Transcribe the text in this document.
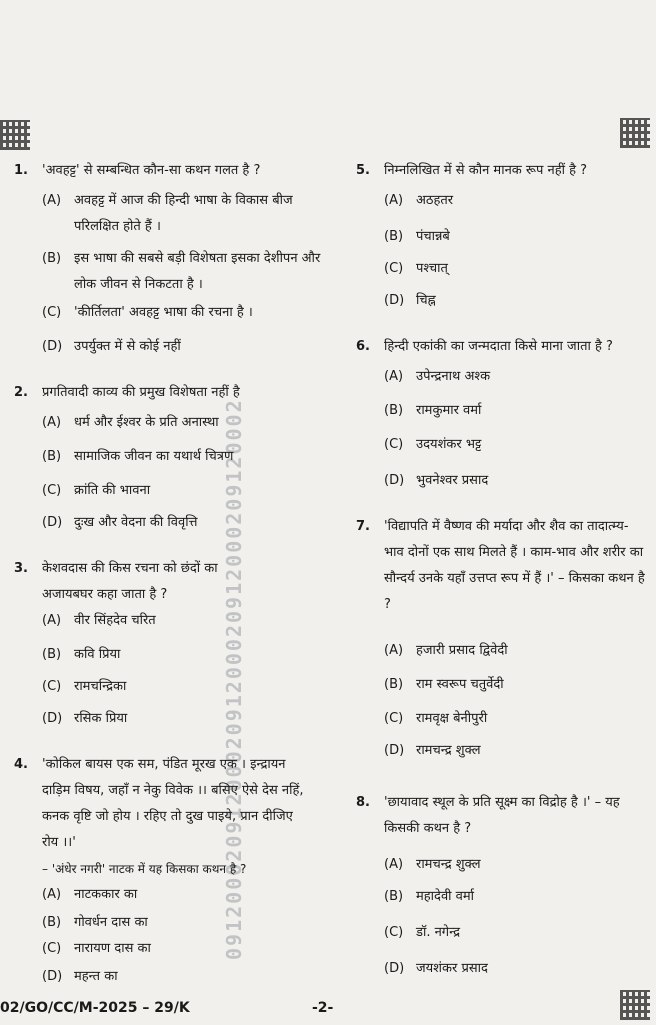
0912000209120002091200020912000209120002
1. 'अवहट्ट' से सम्बन्धित कौन-सा कथन गलत है ?
(A) अवहट्ट में आज की हिन्दी भाषा के विकास बीज परिलक्षित होते हैं ।
(B) इस भाषा की सबसे बड़ी विशेषता इसका देशीपन और लोक जीवन से निकटता है ।
(C) 'कीर्तिलता' अवहट्ट भाषा की रचना है ।
(D) उपर्युक्त में से कोई नहीं
2. प्रगतिवादी काव्य की प्रमुख विशेषता नहीं है
(A) धर्म और ईश्वर के प्रति अनास्था
(B) सामाजिक जीवन का यथार्थ चित्रण
(C) क्रांति की भावना
(D) दुःख और वेदना की विवृत्ति
3. केशवदास की किस रचना को छंदों का अजायबघर कहा जाता है ?
(A) वीर सिंहदेव चरित
(B) कवि प्रिया
(C) रामचन्द्रिका
(D) रसिक प्रिया
4. 'कोकिल बायस एक सम, पंडित मूरख एक । इन्द्रायन दाड़िम विषय, जहाँ न नेकु विवेक ।। बसिए ऐसे देस नहिं, कनक वृष्टि जो होय । रहिए तो दुख पाइये, प्रान दीजिए रोय ।।'
– 'अंधेर नगरी' नाटक में यह किसका कथन है ?
(A) नाटककार का
(B) गोवर्धन दास का
(C) नारायण दास का
(D) महन्त का
5. निम्नलिखित में से कौन मानक रूप नहीं है ?
(A) अठहतर
(B) पंचान्नबे
(C) पश्चात्
(D) चिह्न
6. हिन्दी एकांकी का जन्मदाता किसे माना जाता है ?
(A) उपेन्द्रनाथ अश्क
(B) रामकुमार वर्मा
(C) उदयशंकर भट्ट
(D) भुवनेश्वर प्रसाद
7. 'विद्यापति में वैष्णव की मर्यादा और शैव का तादात्म्य-भाव दोनों एक साथ मिलते हैं । काम-भाव और शरीर का सौन्दर्य उनके यहाँ उत्तप्त रूप में हैं ।' – किसका कथन है ?
(A) हजारी प्रसाद द्विवेदी
(B) राम स्वरूप चतुर्वेदी
(C) रामवृक्ष बेनीपुरी
(D) रामचन्द्र शुक्ल
8. 'छायावाद स्थूल के प्रति सूक्ष्म का विद्रोह है ।' – यह किसकी कथन है ?
(A) रामचन्द्र शुक्ल
(B) महादेवी वर्मा
(C) डॉ. नगेन्द्र
(D) जयशंकर प्रसाद
02/GO/CC/M-2025 – 29/K	-2-
